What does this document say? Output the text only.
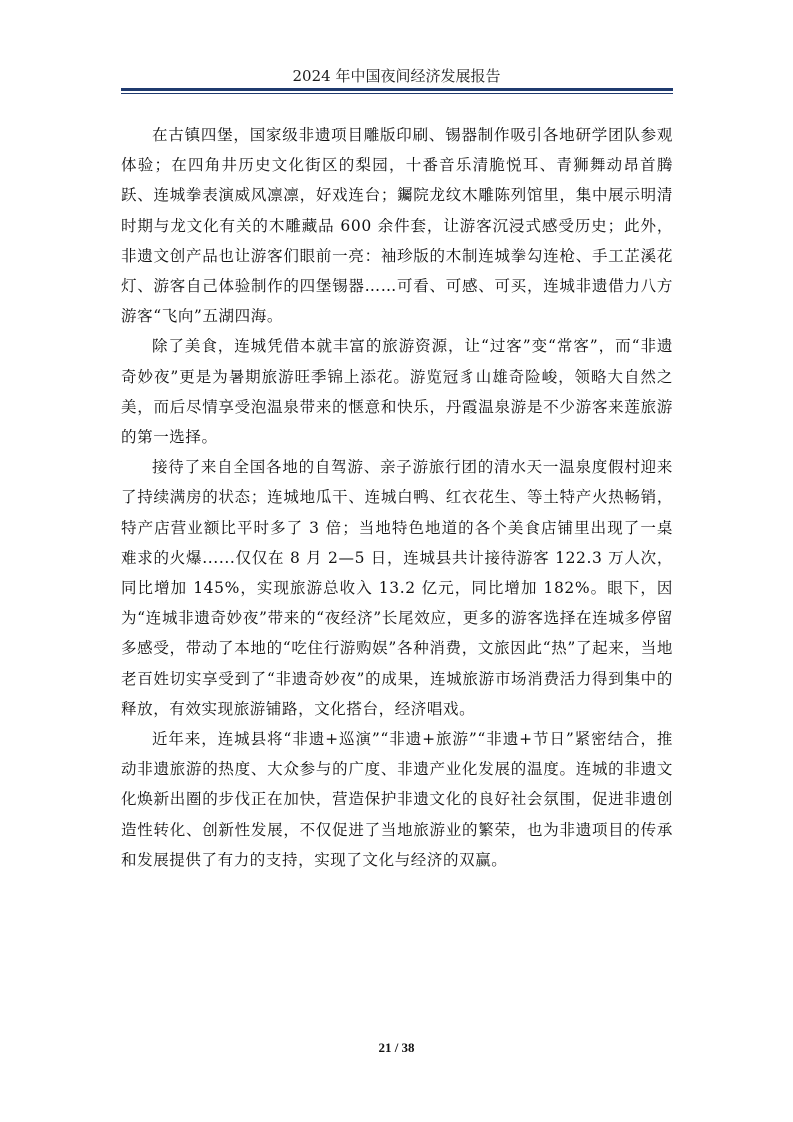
2024 年中国夜间经济发展报告

在古镇四堡，国家级非遗项目雕版印刷、锡器制作吸引各地研学团队参观体验；在四角井历史文化街区的梨园，十番音乐清脆悦耳、青狮舞动昂首腾跃、连城拳表演威风凛凛，好戏连台；钃院龙纹木雕陈列馆里，集中展示明清时期与龙文化有关的木雕藏品 600 余件套，让游客沉浸式感受历史；此外，非遗文创产品也让游客们眼前一亮：袖珍版的木制连城拳勾连枪、手工芷溪花灯、游客自己体验制作的四堡锡器……可看、可感、可买，连城非遗借力八方游客“飞向”五湖四海。

除了美食，连城凭借本就丰富的旅游资源，让“过客”变“常客”，而“非遗奇妙夜”更是为暑期旅游旺季锦上添花。游览冠豸山雄奇险峻，领略大自然之美，而后尽情享受泡温泉带来的惬意和快乐，丹霞温泉游是不少游客来莲旅游的第一选择。

接待了来自全国各地的自驾游、亲子游旅行团的清水天一温泉度假村迎来了持续满房的状态；连城地瓜干、连城白鸭、红衣花生、等土特产火热畅销，特产店营业额比平时多了 3 倍；当地特色地道的各个美食店铺里出现了一桌难求的火爆......仅仅在 8 月 2—5 日，连城县共计接待游客 122.3 万人次，同比增加 145%，实现旅游总收入 13.2 亿元，同比增加 182%。眼下，因为“连城非遗奇妙夜”带来的“夜经济”长尾效应，更多的游客选择在连城多停留多感受，带动了本地的“吃住行游购娱”各种消费，文旅因此“热”了起来，当地老百姓切实享受到了“非遗奇妙夜”的成果，连城旅游市场消费活力得到集中的释放，有效实现旅游铺路，文化搭台，经济唱戏。

近年来，连城县将“非遗+巡演”“非遗+旅游”“非遗+节日”紧密结合，推动非遗旅游的热度、大众参与的广度、非遗产业化发展的温度。连城的非遗文化焕新出圈的步伐正在加快，营造保护非遗文化的良好社会氛围，促进非遗创造性转化、创新性发展，不仅促进了当地旅游业的繁荣，也为非遗项目的传承和发展提供了有力的支持，实现了文化与经济的双赢。

21 / 38
